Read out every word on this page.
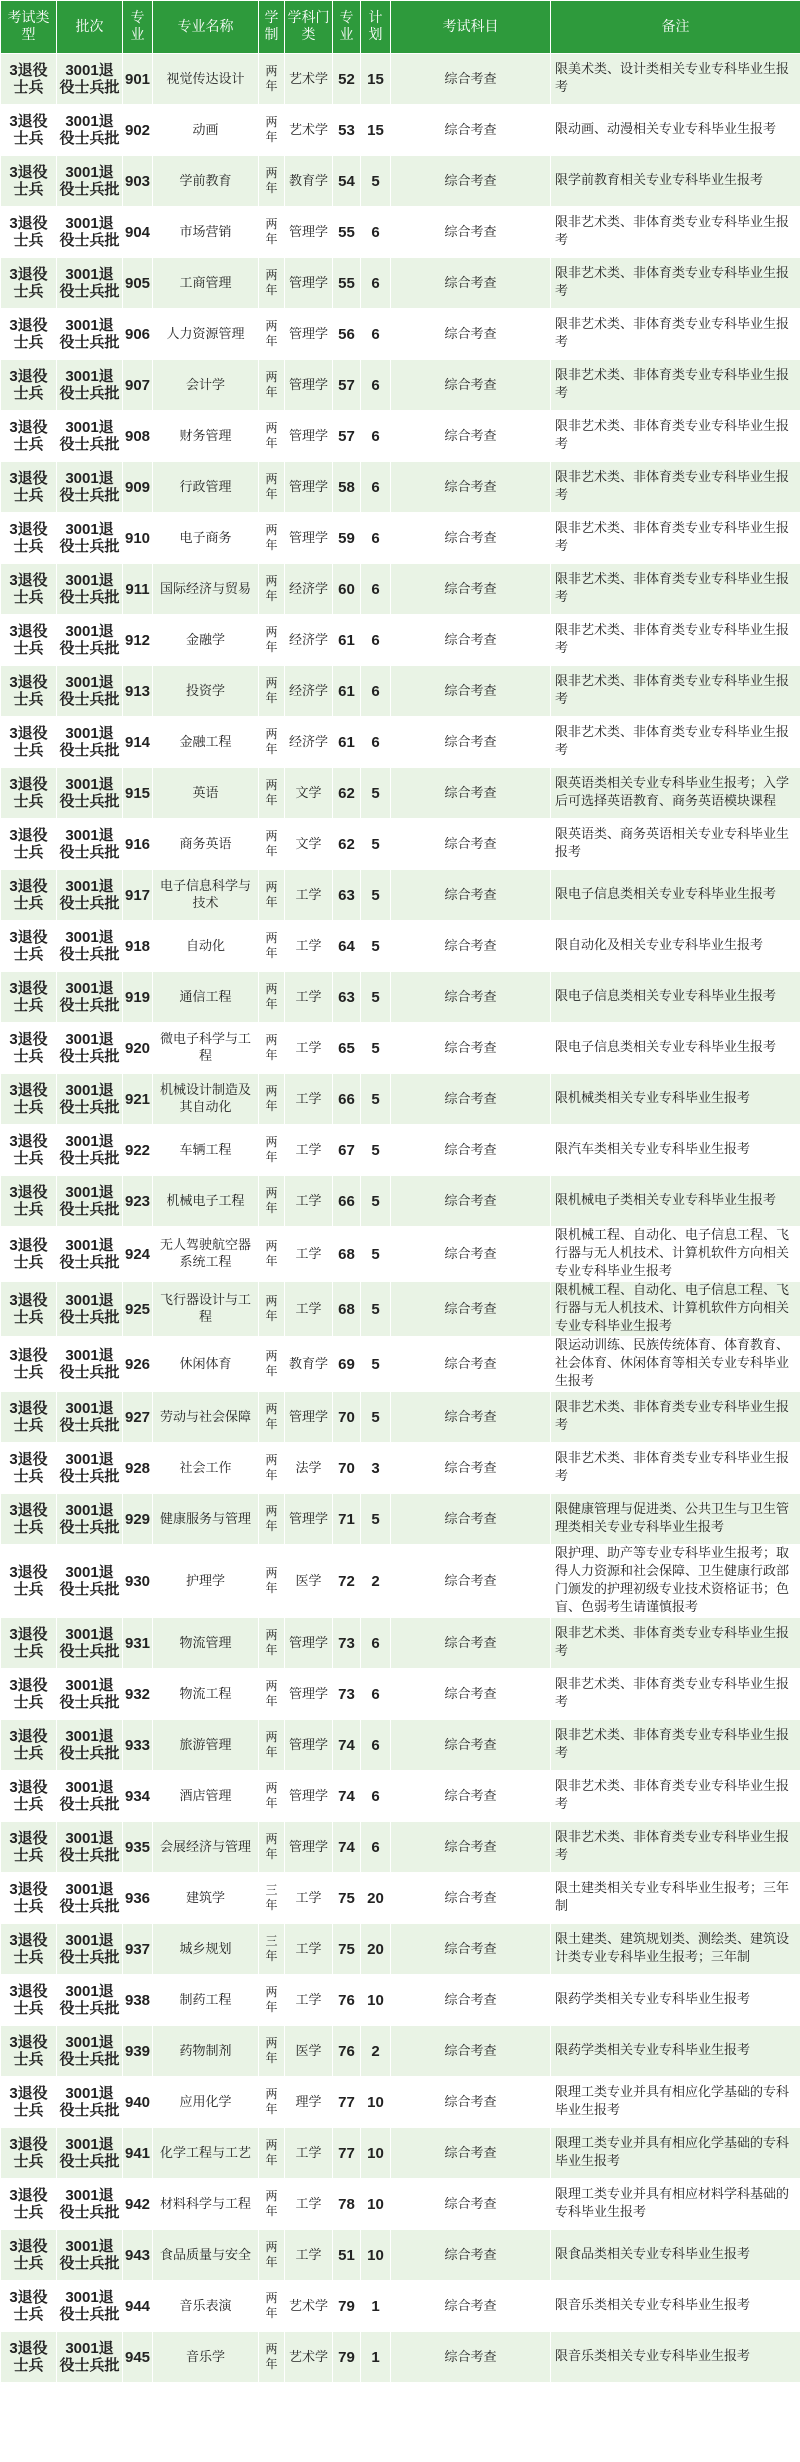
考试类型	批次	专业	专业名称	学制	学科门类	专业	计划	考试科目	备注
3退役士兵	3001退役士兵批	901	视觉传达设计	两年	艺术学	52	15	综合考查	限美术类、设计类相关专业专科毕业生报考
3退役士兵	3001退役士兵批	902	动画	两年	艺术学	53	15	综合考查	限动画、动漫相关专业专科毕业生报考
3退役士兵	3001退役士兵批	903	学前教育	两年	教育学	54	5	综合考查	限学前教育相关专业专科毕业生报考
3退役士兵	3001退役士兵批	904	市场营销	两年	管理学	55	6	综合考查	限非艺术类、非体育类专业专科毕业生报考
3退役士兵	3001退役士兵批	905	工商管理	两年	管理学	55	6	综合考查	限非艺术类、非体育类专业专科毕业生报考
3退役士兵	3001退役士兵批	906	人力资源管理	两年	管理学	56	6	综合考查	限非艺术类、非体育类专业专科毕业生报考
3退役士兵	3001退役士兵批	907	会计学	两年	管理学	57	6	综合考查	限非艺术类、非体育类专业专科毕业生报考
3退役士兵	3001退役士兵批	908	财务管理	两年	管理学	57	6	综合考查	限非艺术类、非体育类专业专科毕业生报考
3退役士兵	3001退役士兵批	909	行政管理	两年	管理学	58	6	综合考查	限非艺术类、非体育类专业专科毕业生报考
3退役士兵	3001退役士兵批	910	电子商务	两年	管理学	59	6	综合考查	限非艺术类、非体育类专业专科毕业生报考
3退役士兵	3001退役士兵批	911	国际经济与贸易	两年	经济学	60	6	综合考查	限非艺术类、非体育类专业专科毕业生报考
3退役士兵	3001退役士兵批	912	金融学	两年	经济学	61	6	综合考查	限非艺术类、非体育类专业专科毕业生报考
3退役士兵	3001退役士兵批	913	投资学	两年	经济学	61	6	综合考查	限非艺术类、非体育类专业专科毕业生报考
3退役士兵	3001退役士兵批	914	金融工程	两年	经济学	61	6	综合考查	限非艺术类、非体育类专业专科毕业生报考
3退役士兵	3001退役士兵批	915	英语	两年	文学	62	5	综合考查	限英语类相关专业专科毕业生报考；入学后可选择英语教育、商务英语模块课程
3退役士兵	3001退役士兵批	916	商务英语	两年	文学	62	5	综合考查	限英语类、商务英语相关专业专科毕业生报考
3退役士兵	3001退役士兵批	917	电子信息科学与技术	两年	工学	63	5	综合考查	限电子信息类相关专业专科毕业生报考
3退役士兵	3001退役士兵批	918	自动化	两年	工学	64	5	综合考查	限自动化及相关专业专科毕业生报考
3退役士兵	3001退役士兵批	919	通信工程	两年	工学	63	5	综合考查	限电子信息类相关专业专科毕业生报考
3退役士兵	3001退役士兵批	920	微电子科学与工程	两年	工学	65	5	综合考查	限电子信息类相关专业专科毕业生报考
3退役士兵	3001退役士兵批	921	机械设计制造及其自动化	两年	工学	66	5	综合考查	限机械类相关专业专科毕业生报考
3退役士兵	3001退役士兵批	922	车辆工程	两年	工学	67	5	综合考查	限汽车类相关专业专科毕业生报考
3退役士兵	3001退役士兵批	923	机械电子工程	两年	工学	66	5	综合考查	限机械电子类相关专业专科毕业生报考
3退役士兵	3001退役士兵批	924	无人驾驶航空器系统工程	两年	工学	68	5	综合考查	限机械工程、自动化、电子信息工程、飞行器与无人机技术、计算机软件方向相关专业专科毕业生报考
3退役士兵	3001退役士兵批	925	飞行器设计与工程	两年	工学	68	5	综合考查	限机械工程、自动化、电子信息工程、飞行器与无人机技术、计算机软件方向相关专业专科毕业生报考
3退役士兵	3001退役士兵批	926	休闲体育	两年	教育学	69	5	综合考查	限运动训练、民族传统体育、体育教育、社会体育、休闲体育等相关专业专科毕业生报考
3退役士兵	3001退役士兵批	927	劳动与社会保障	两年	管理学	70	5	综合考查	限非艺术类、非体育类专业专科毕业生报考
3退役士兵	3001退役士兵批	928	社会工作	两年	法学	70	3	综合考查	限非艺术类、非体育类专业专科毕业生报考
3退役士兵	3001退役士兵批	929	健康服务与管理	两年	管理学	71	5	综合考查	限健康管理与促进类、公共卫生与卫生管理类相关专业专科毕业生报考
3退役士兵	3001退役士兵批	930	护理学	两年	医学	72	2	综合考查	限护理、助产等专业专科毕业生报考；取得人力资源和社会保障、卫生健康行政部门颁发的护理初级专业技术资格证书；色盲、色弱考生请谨慎报考
3退役士兵	3001退役士兵批	931	物流管理	两年	管理学	73	6	综合考查	限非艺术类、非体育类专业专科毕业生报考
3退役士兵	3001退役士兵批	932	物流工程	两年	管理学	73	6	综合考查	限非艺术类、非体育类专业专科毕业生报考
3退役士兵	3001退役士兵批	933	旅游管理	两年	管理学	74	6	综合考查	限非艺术类、非体育类专业专科毕业生报考
3退役士兵	3001退役士兵批	934	酒店管理	两年	管理学	74	6	综合考查	限非艺术类、非体育类专业专科毕业生报考
3退役士兵	3001退役士兵批	935	会展经济与管理	两年	管理学	74	6	综合考查	限非艺术类、非体育类专业专科毕业生报考
3退役士兵	3001退役士兵批	936	建筑学	三年	工学	75	20	综合考查	限土建类相关专业专科毕业生报考；三年制
3退役士兵	3001退役士兵批	937	城乡规划	三年	工学	75	20	综合考查	限土建类、建筑规划类、测绘类、建筑设计类专业专科毕业生报考；三年制
3退役士兵	3001退役士兵批	938	制药工程	两年	工学	76	10	综合考查	限药学类相关专业专科毕业生报考
3退役士兵	3001退役士兵批	939	药物制剂	两年	医学	76	2	综合考查	限药学类相关专业专科毕业生报考
3退役士兵	3001退役士兵批	940	应用化学	两年	理学	77	10	综合考查	限理工类专业并具有相应化学基础的专科毕业生报考
3退役士兵	3001退役士兵批	941	化学工程与工艺	两年	工学	77	10	综合考查	限理工类专业并具有相应化学基础的专科毕业生报考
3退役士兵	3001退役士兵批	942	材料科学与工程	两年	工学	78	10	综合考查	限理工类专业并具有相应材料学科基础的专科毕业生报考
3退役士兵	3001退役士兵批	943	食品质量与安全	两年	工学	51	10	综合考查	限食品类相关专业专科毕业生报考
3退役士兵	3001退役士兵批	944	音乐表演	两年	艺术学	79	1	综合考查	限音乐类相关专业专科毕业生报考
3退役士兵	3001退役士兵批	945	音乐学	两年	艺术学	79	1	综合考查	限音乐类相关专业专科毕业生报考
